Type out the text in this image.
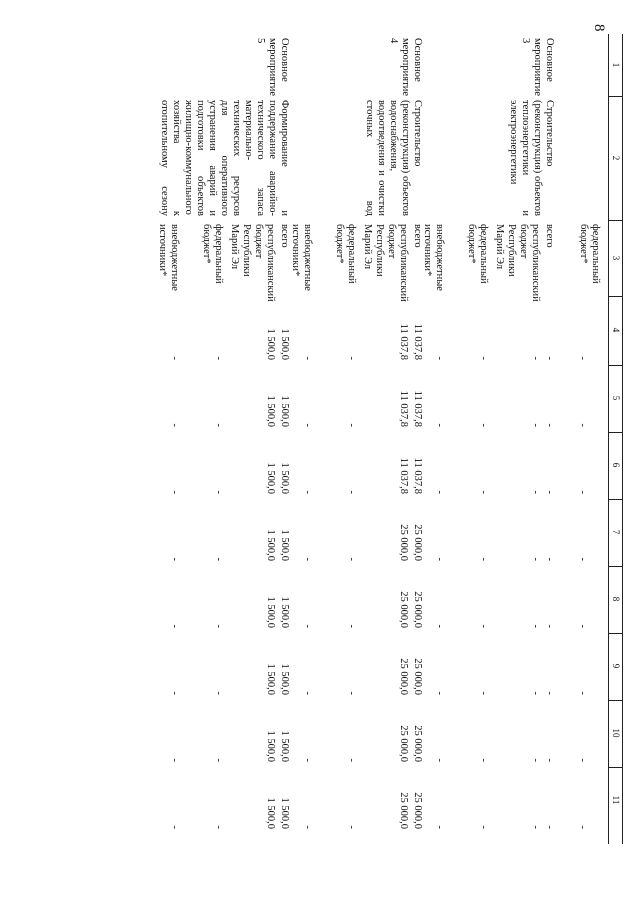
8
1
2
3
4
5
6
7
8
9
10
11
федеральный бюджет*
-
-
-
-
-
-
-
-
Основное мероприятие 3
Строительство (реконструкция) объектов теплоэнергетики и электроэнергетики
всего
-
-
-
-
-
-
-
-
республиканский бюджет Республики Марий Эл
-
-
-
-
-
-
-
-
федеральный бюджет*
-
-
-
-
-
-
-
-
внебюджетные источники*
-
-
-
-
-
-
-
-
Основное мероприятие 4
Строительство (реконструкция) объектов водоснабжения, водоотведения и очистки сточных вод
всего
11 037,8
11 037,8
11 037,8
25 000,0
25 000,0
25 000,0
25 000,0
25 000,0
республиканский бюджет Республики Марий Эл
11 037,8
11 037,8
11 037,8
25 000,0
25 000,0
25 000,0
25 000,0
25 000,0
федеральный бюджет*
-
-
-
-
-
-
-
-
внебюджетные источники*
-
-
-
-
-
-
-
-
Основное мероприятие 5
Формирование и поддержание аварийно-технического запаса материально-технических ресурсов для оперативного устранения аварий и подготовки объектов жилищно-коммунального хозяйства к отопительному сезону
всего
1 500,0
1 500,0
1 500,0
1 500,0
1 500,0
1 500,0
1 500,0
1 500,0
республиканский бюджет Республики Марий Эл
1 500,0
1 500,0
1 500,0
1 500,0
1 500,0
1 500,0
1 500,0
1 500,0
федеральный бюджет*
-
-
-
-
-
-
-
-
внебюджетные источники*
-
-
-
-
-
-
-
-
